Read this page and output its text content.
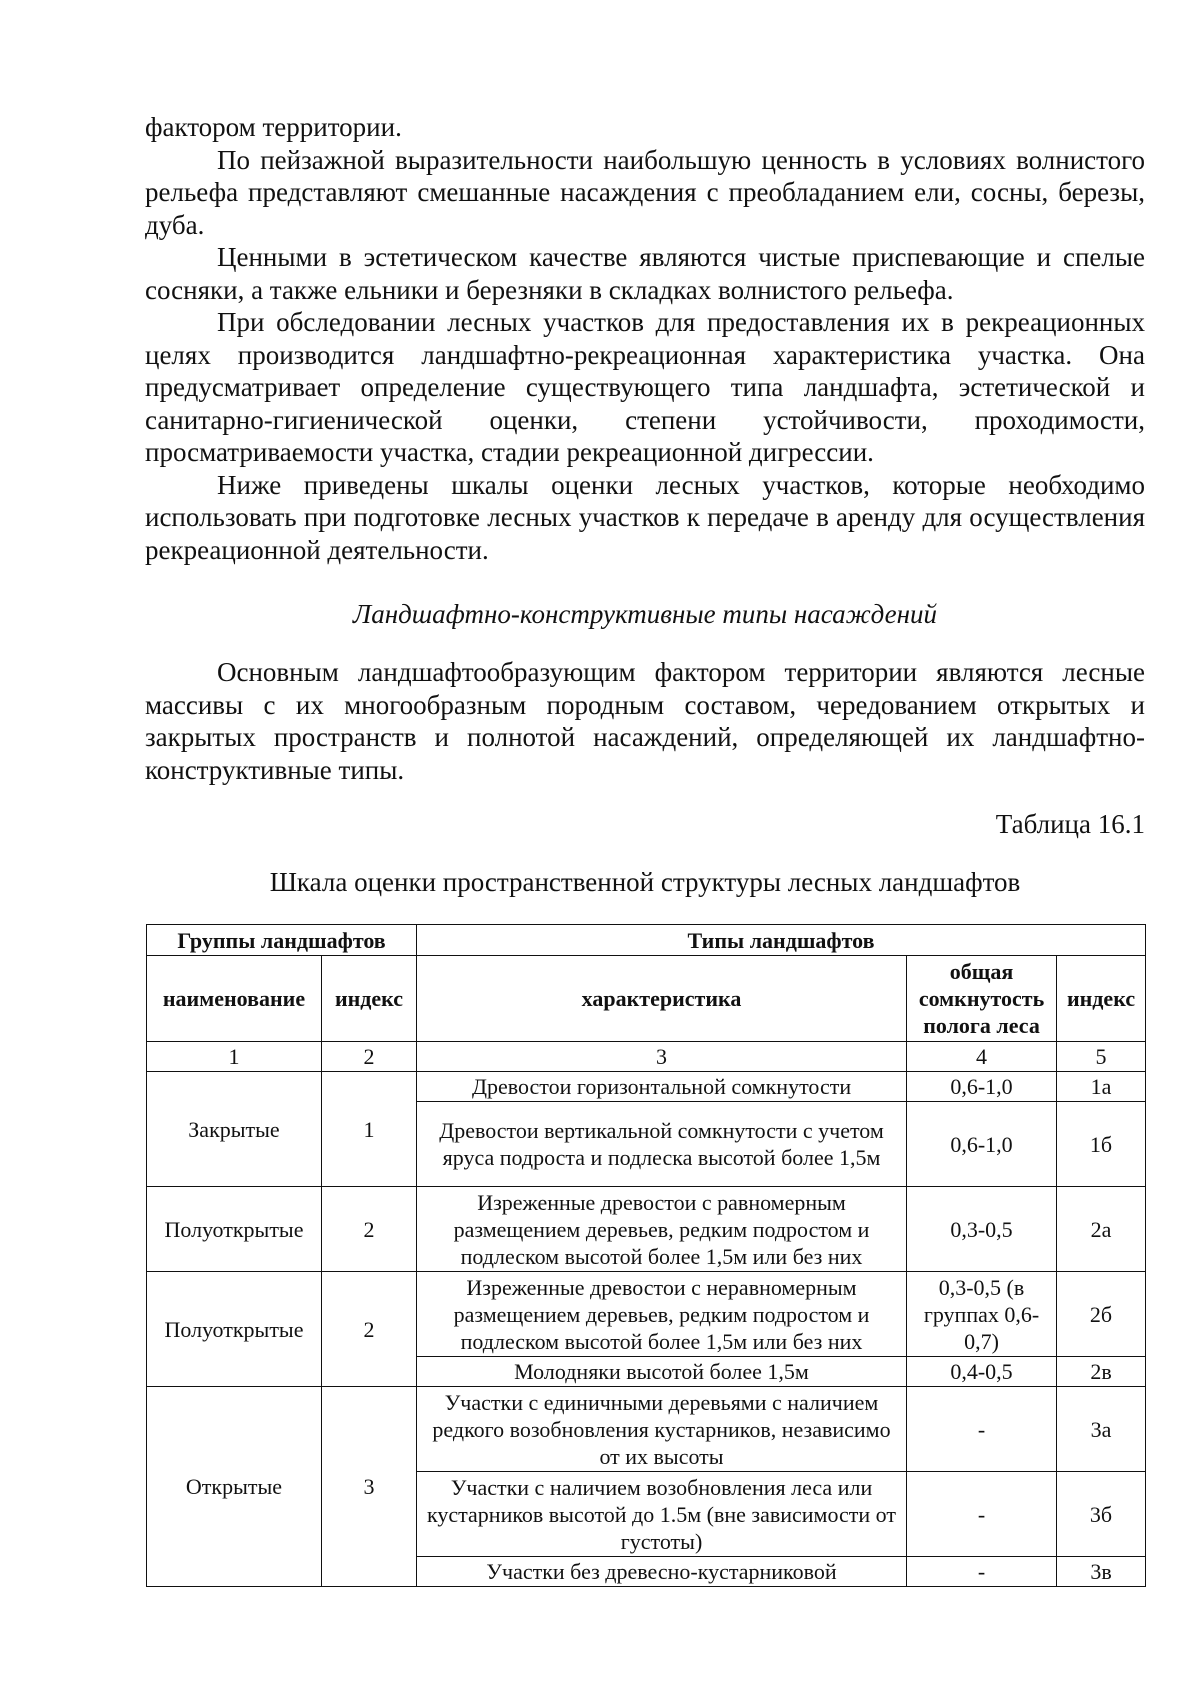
фактором территории.

По пейзажной выразительности наибольшую ценность в условиях волнистого рельефа представляют смешанные насаждения с преобладанием ели, сосны, березы, дуба.

Ценными в эстетическом качестве являются чистые приспевающие и спелые сосняки, а также ельники и березняки в складках волнистого рельефа.

При обследовании лесных участков для предоставления их в рекреационных целях производится ландшафтно-рекреационная характеристика участка. Она предусматривает определение существующего типа ландшафта, эстетической и санитарно-гигиенической оценки, степени устойчивости, проходимости, просматриваемости участка, стадии рекреационной дигрессии.

Ниже приведены шкалы оценки лесных участков, которые необходимо использовать при подготовке лесных участков к передаче в аренду для осуществления рекреационной деятельности.

Ландшафтно-конструктивные типы насаждений

Основным ландшафтообразующим фактором территории являются лесные массивы с их многообразным породным составом, чередованием открытых и закрытых пространств и полнотой насаждений, определяющей их ландшафтно-конструктивные типы.

Таблица 16.1
Шкала оценки пространственной структуры лесных ландшафтов
Группы ландшафтов		Типы ландшафтов		
наименование	индекс	характеристика	общая сомкнутость полога леса	индекс
1	2	3	4	5
Закрытые	1	Древостои горизонтальной сомкнутости	0,6-1,0	1а
		Древостои вертикальной сомкнутости с учетом яруса подроста и подлеска высотой более 1,5м	0,6-1,0	1б
Полуоткрытые	2	Изреженные древостои с равномерным размещением деревьев, редким подростом и подлеском высотой более 1,5м или без них	0,3-0,5	2а
Полуоткрытые	2	Изреженные древостои с неравномерным размещением деревьев, редким подростом и подлеском высотой более 1,5м или без них	0,3-0,5 (в группах 0,6-0,7)	2б
		Молодняки высотой более 1,5м	0,4-0,5	2в
Открытые	3	Участки с единичными деревьями с наличием редкого возобновления кустарников, независимо от их высоты	-	3а
		Участки с наличием возобновления леса или кустарников высотой до 1.5м (вне зависимости от густоты)	-	3б
		Участки без древесно-кустарниковой	-	3в
